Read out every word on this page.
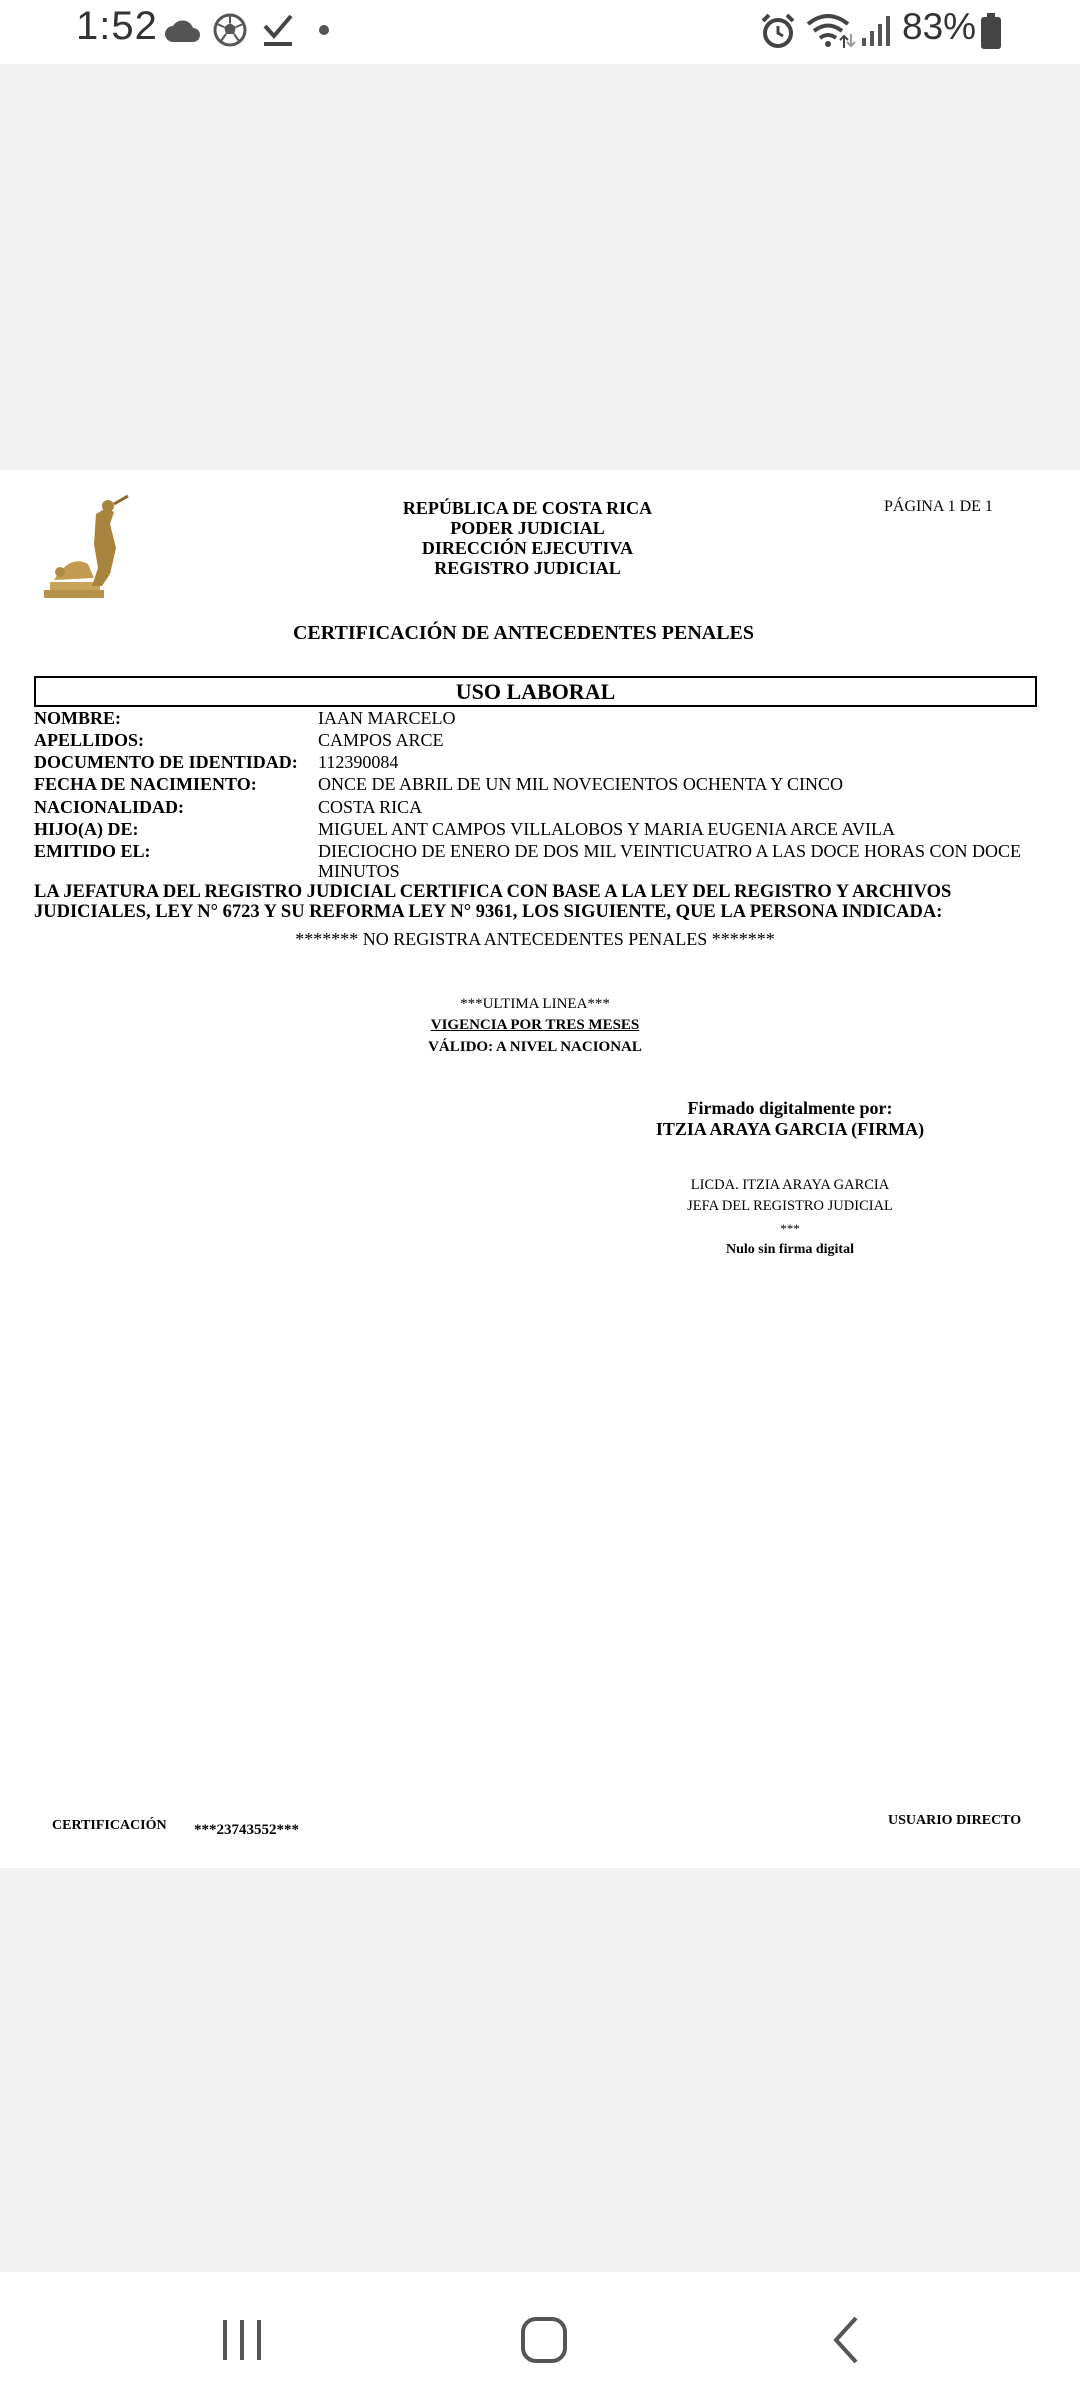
1:52	83%
REPÚBLICA DE COSTA RICA
PODER JUDICIAL
DIRECCIÓN EJECUTIVA
REGISTRO JUDICIAL
PÁGINA 1 DE 1
CERTIFICACIÓN DE ANTECEDENTES PENALES
USO LABORAL
NOMBRE:	IAAN MARCELO
APELLIDOS:	CAMPOS ARCE
DOCUMENTO DE IDENTIDAD: 112390084
FECHA DE NACIMIENTO:	ONCE DE ABRIL DE UN MIL NOVECIENTOS OCHENTA Y CINCO
NACIONALIDAD:	COSTA RICA
HIJO(A) DE:	MIGUEL ANT CAMPOS VILLALOBOS Y MARIA EUGENIA ARCE AVILA
EMITIDO EL:	DIECIOCHO DE ENERO DE DOS MIL VEINTICUATRO A LAS DOCE HORAS CON DOCE MINUTOS
LA JEFATURA DEL REGISTRO JUDICIAL CERTIFICA CON BASE A LA LEY DEL REGISTRO Y ARCHIVOS JUDICIALES, LEY N° 6723 Y SU REFORMA LEY N° 9361, LOS SIGUIENTE, QUE LA PERSONA INDICADA:
******* NO REGISTRA ANTECEDENTES PENALES *******
***ULTIMA LINEA***
VIGENCIA POR TRES MESES
VÁLIDO: A NIVEL NACIONAL
Firmado digitalmente por:
ITZIA ARAYA GARCIA (FIRMA)
LICDA. ITZIA ARAYA GARCIA
JEFA DEL REGISTRO JUDICIAL
***
Nulo sin firma digital
CERTIFICACIÓN ***23743552***
USUARIO DIRECTO
